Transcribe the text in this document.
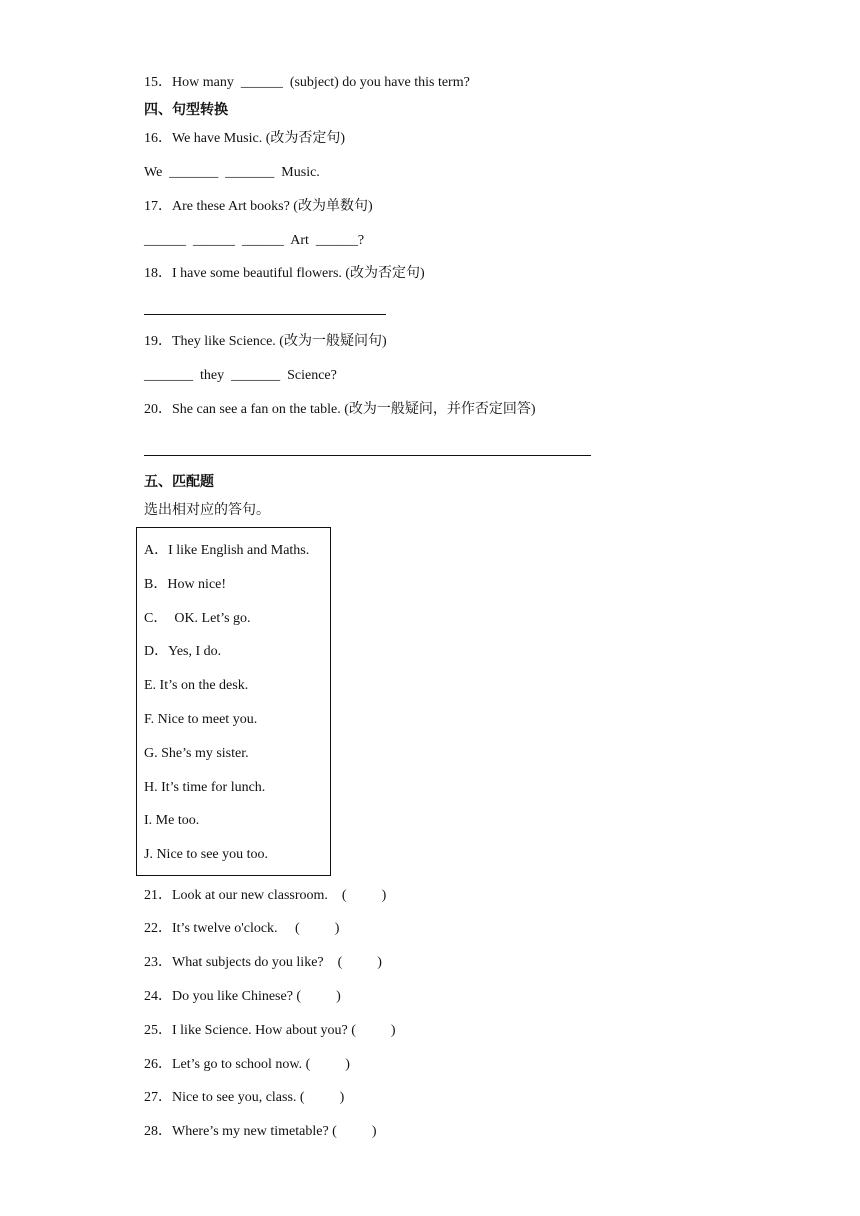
15．How many  ______  (subject) do you have this term?
四、句型转换
16．We have Music. (改为否定句)
We  _______  _______  Music.
17．Are these Art books? (改为单数句)
______  ______  ______  Art  ______?
18．I have some beautiful flowers. (改为否定句)
19．They like Science. (改为一般疑问句)
_______  they  _______  Science?
20．She can see a fan on the table. (改为一般疑问，并作否定回答)
五、匹配题
选出相对应的答句。
A．I like English and Maths.
B．How nice!
C．  OK. Let’s go.
D．Yes, I do.
E. It’s on the desk.
F. Nice to meet you.
G. She’s my sister.
H. It’s time for lunch.
I. Me too.
J. Nice to see you too.
21．Look at our new classroom.    (          )
22．It’s twelve o'clock.     (          )
23．What subjects do you like?    (          )
24．Do you like Chinese? (          )
25．I like Science. How about you? (          )
26．Let’s go to school now. (          )
27．Nice to see you, class. (          )
28．Where’s my new timetable? (          )
